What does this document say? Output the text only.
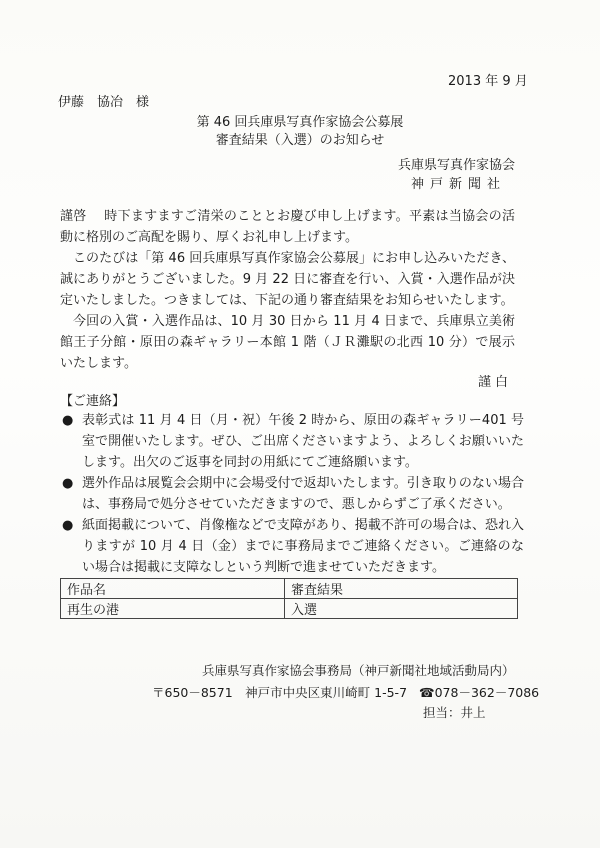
2013 年 9 月
伊藤　協冶　様
第 46 回兵庫県写真作家協会公募展
審査結果（入選）のお知らせ
兵庫県写真作家協会
神戸新聞社
謹啓　 時下ますますご清栄のこととお慶び申し上げます。平素は当協会の活動に格別のご高配を賜り、厚くお礼申し上げます。
このたびは「第 46 回兵庫県写真作家協会公募展」にお申し込みいただき、誠にありがとうございました。9 月 22 日に審査を行い、入賞・入選作品が決定いたしました。つきましては、下記の通り審査結果をお知らせいたします。
今回の入賞・入選作品は、10 月 30 日から 11 月 4 日まで、兵庫県立美術館王子分館・原田の森ギャラリー本館 1 階（ＪＲ灘駅の北西 10 分）で展示いたします。
謹白
【ご連絡】
● 表彰式は 11 月 4 日（月・祝）午後 2 時から、原田の森ギャラリー401 号室で開催いたします。ぜひ、ご出席くださいますよう、よろしくお願いいたします。出欠のご返事を同封の用紙にてご連絡願います。
● 選外作品は展覧会会期中に会場受付で返却いたします。引き取りのない場合は、事務局で処分させていただきますので、悪しからずご了承ください。
● 紙面掲載について、肖像権などで支障があり、掲載不許可の場合は、恐れ入りますが 10 月 4 日（金）までに事務局までご連絡ください。ご連絡のない場合は掲載に支障なしという判断で進ませていただきます。
作品名	審査結果
再生の港	入選
兵庫県写真作家協会事務局（神戸新聞社地域活動局内）
〒650－8571　神戸市中央区東川崎町 1-5-7 ☎078－362－7086
担当：井上
